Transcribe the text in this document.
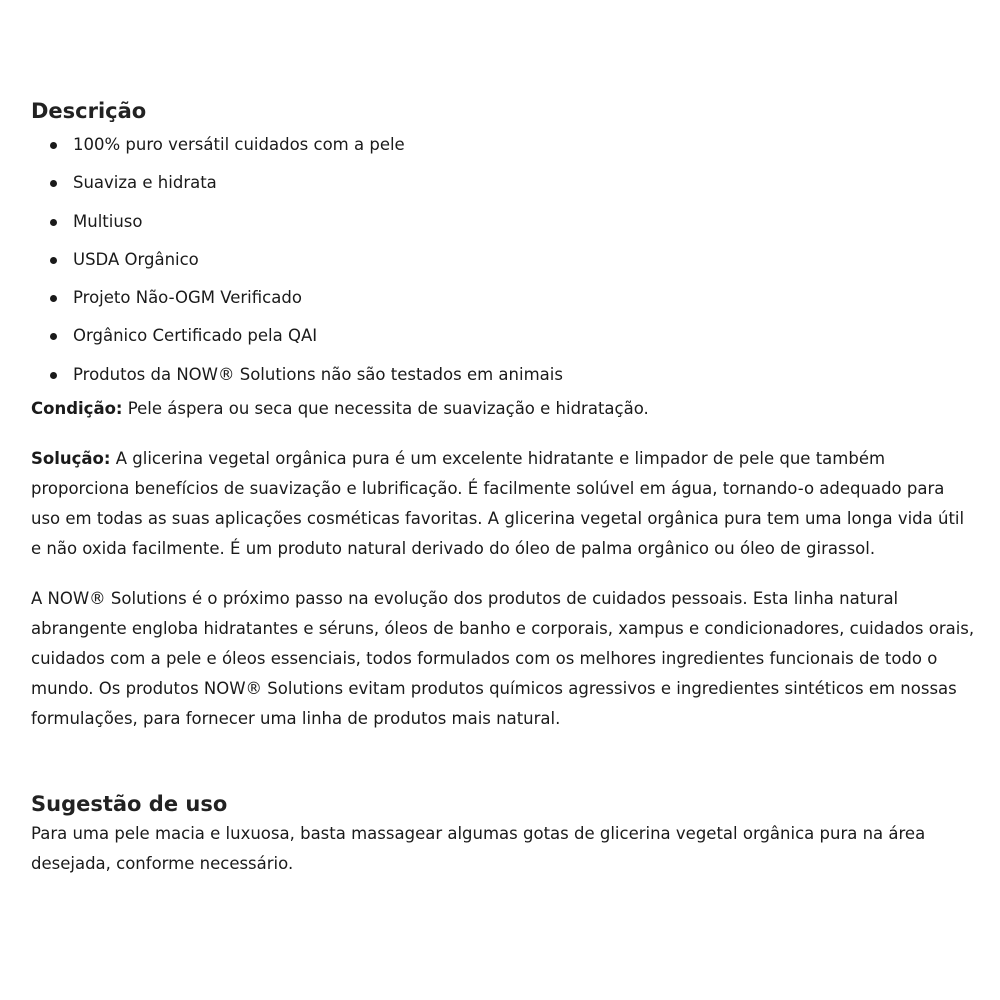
Descrição
100% puro versátil cuidados com a pele
Suaviza e hidrata
Multiuso
USDA Orgânico
Projeto Não-OGM Verificado
Orgânico Certificado pela QAI
Produtos da NOW® Solutions não são testados em animais

Condição: Pele áspera ou seca que necessita de suavização e hidratação.

Solução: A glicerina vegetal orgânica pura é um excelente hidratante e limpador de pele que também proporciona benefícios de suavização e lubrificação. É facilmente solúvel em água, tornando-o adequado para uso em todas as suas aplicações cosméticas favoritas. A glicerina vegetal orgânica pura tem uma longa vida útil e não oxida facilmente. É um produto natural derivado do óleo de palma orgânico ou óleo de girassol.

A NOW® Solutions é o próximo passo na evolução dos produtos de cuidados pessoais. Esta linha natural abrangente engloba hidratantes e séruns, óleos de banho e corporais, xampus e condicionadores, cuidados orais, cuidados com a pele e óleos essenciais, todos formulados com os melhores ingredientes funcionais de todo o mundo. Os produtos NOW® Solutions evitam produtos químicos agressivos e ingredientes sintéticos em nossas formulações, para fornecer uma linha de produtos mais natural.

Sugestão de uso

Para uma pele macia e luxuosa, basta massagear algumas gotas de glicerina vegetal orgânica pura na área desejada, conforme necessário.
